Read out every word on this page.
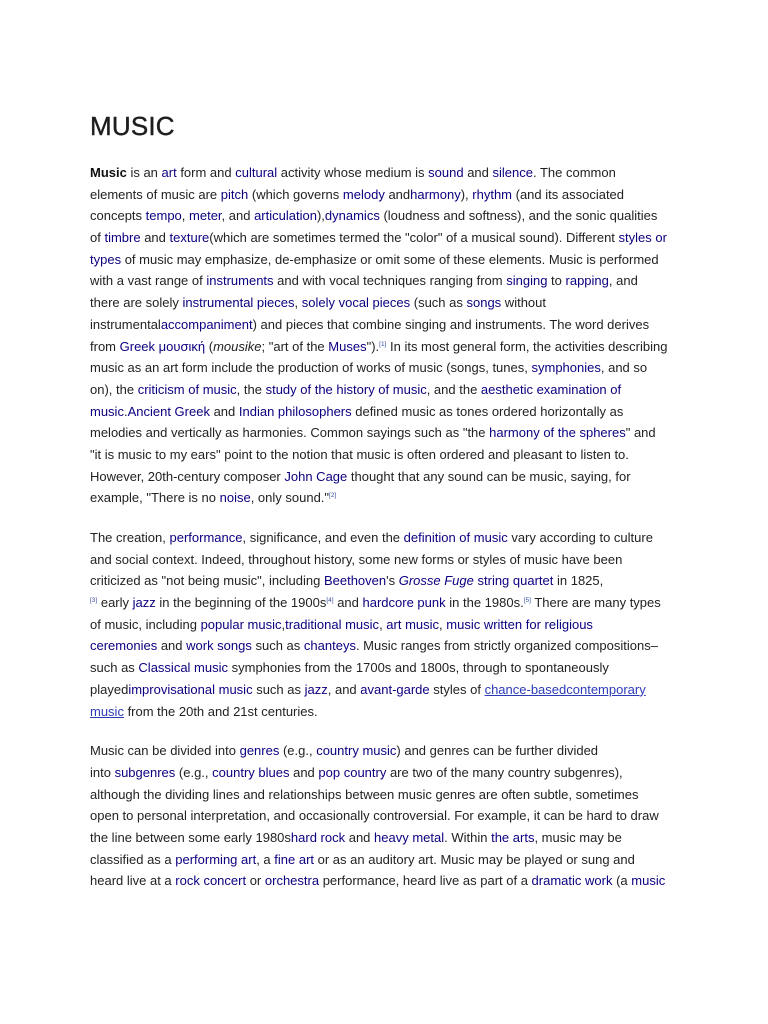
MUSIC
Music is an art form and cultural activity whose medium is sound and silence. The common
elements of music are pitch (which governs melody andharmony), rhythm (and its associated
concepts tempo, meter, and articulation),dynamics (loudness and softness), and the sonic qualities
of timbre and texture(which are sometimes termed the "color" of a musical sound). Different styles or
types of music may emphasize, de-emphasize or omit some of these elements. Music is performed
with a vast range of instruments and with vocal techniques ranging from singing to rapping, and
there are solely instrumental pieces, solely vocal pieces (such as songs without
instrumentalaccompaniment) and pieces that combine singing and instruments. The word derives
from Greek μουσική (mousike; "art of the Muses").[1] In its most general form, the activities describing
music as an art form include the production of works of music (songs, tunes, symphonies, and so
on), the criticism of music, the study of the history of music, and the aesthetic examination of
music.Ancient Greek and Indian philosophers defined music as tones ordered horizontally as
melodies and vertically as harmonies. Common sayings such as "the harmony of the spheres" and
"it is music to my ears" point to the notion that music is often ordered and pleasant to listen to.
However, 20th-century composer John Cage thought that any sound can be music, saying, for
example, "There is no noise, only sound."[2]
The creation, performance, significance, and even the definition of music vary according to culture
and social context. Indeed, throughout history, some new forms or styles of music have been
criticized as "not being music", including Beethoven's Grosse Fuge string quartet in 1825,
[3] early jazz in the beginning of the 1900s[4] and hardcore punk in the 1980s.[5] There are many types
of music, including popular music,traditional music, art music, music written for religious
ceremonies and work songs such as chanteys. Music ranges from strictly organized compositions–
such as Classical music symphonies from the 1700s and 1800s, through to spontaneously
playedimprovisational music such as jazz, and avant-garde styles of chance-basedcontemporary
music from the 20th and 21st centuries.
Music can be divided into genres (e.g., country music) and genres can be further divided
into subgenres (e.g., country blues and pop country are two of the many country subgenres),
although the dividing lines and relationships between music genres are often subtle, sometimes
open to personal interpretation, and occasionally controversial. For example, it can be hard to draw
the line between some early 1980shard rock and heavy metal. Within the arts, music may be
classified as a performing art, a fine art or as an auditory art. Music may be played or sung and
heard live at a rock concert or orchestra performance, heard live as part of a dramatic work (a music
